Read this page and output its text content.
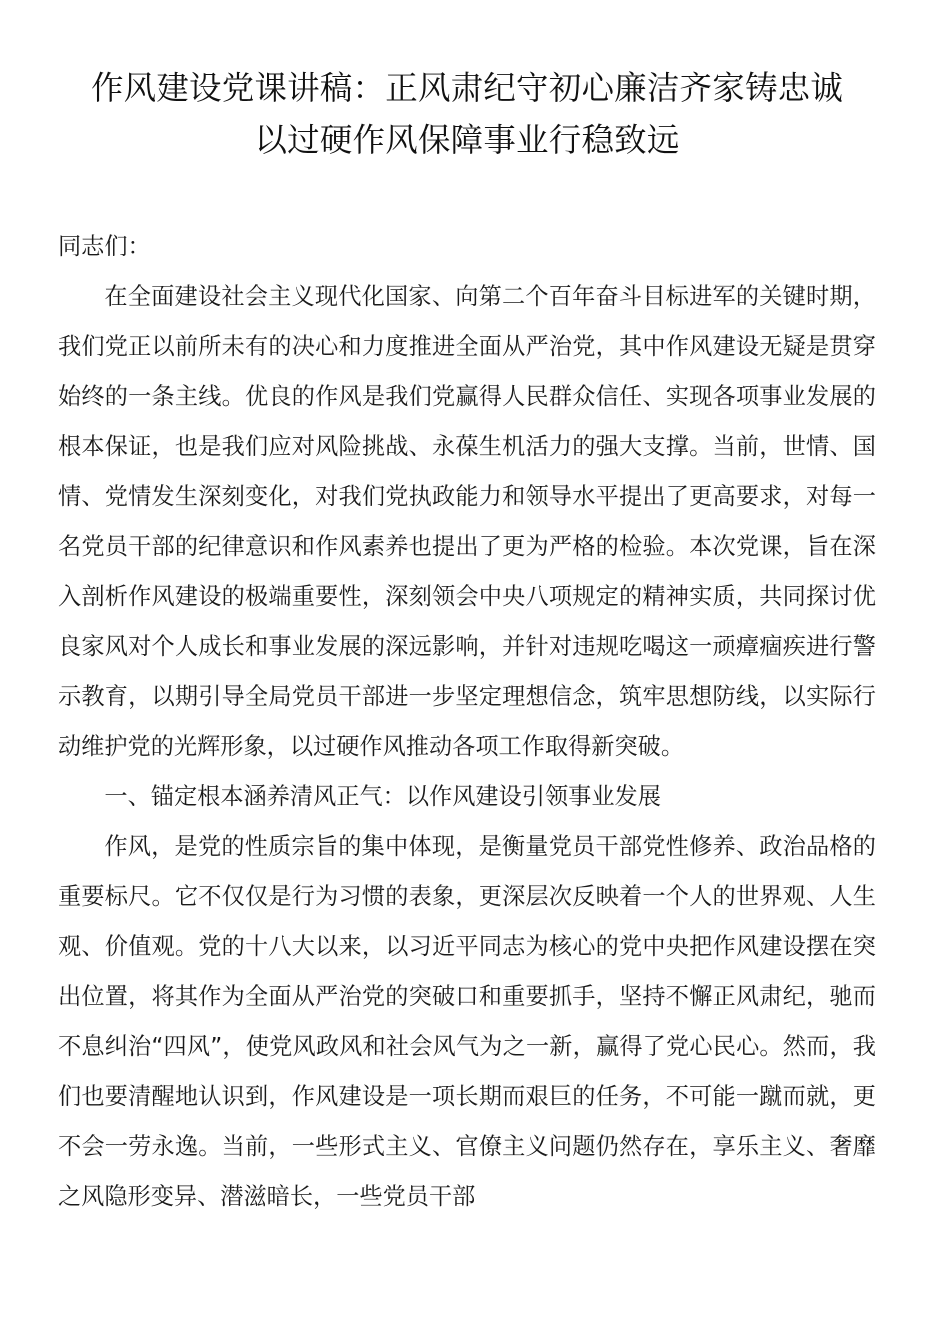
作风建设党课讲稿：正风肃纪守初心廉洁齐家铸忠诚
以过硬作风保障事业行稳致远

同志们：

在全面建设社会主义现代化国家、向第二个百年奋斗目标进军的关键时期，我们党正以前所未有的决心和力度推进全面从严治党，其中作风建设无疑是贯穿始终的一条主线。优良的作风是我们党赢得人民群众信任、实现各项事业发展的根本保证，也是我们应对风险挑战、永葆生机活力的强大支撑。当前，世情、国情、党情发生深刻变化，对我们党执政能力和领导水平提出了更高要求，对每一名党员干部的纪律意识和作风素养也提出了更为严格的检验。本次党课，旨在深入剖析作风建设的极端重要性，深刻领会中央八项规定的精神实质，共同探讨优良家风对个人成长和事业发展的深远影响，并针对违规吃喝这一顽瘴痼疾进行警示教育，以期引导全局党员干部进一步坚定理想信念，筑牢思想防线，以实际行动维护党的光辉形象，以过硬作风推动各项工作取得新突破。

一、锚定根本涵养清风正气：以作风建设引领事业发展

作风，是党的性质宗旨的集中体现，是衡量党员干部党性修养、政治品格的重要标尺。它不仅仅是行为习惯的表象，更深层次反映着一个人的世界观、人生观、价值观。党的十八大以来，以习近平同志为核心的党中央把作风建设摆在突出位置，将其作为全面从严治党的突破口和重要抓手，坚持不懈正风肃纪，驰而不息纠治“四风”，使党风政风和社会风气为之一新，赢得了党心民心。然而，我们也要清醒地认识到，作风建设是一项长期而艰巨的任务，不可能一蹴而就，更不会一劳永逸。当前，一些形式主义、官僚主义问题仍然存在，享乐主义、奢靡之风隐形变异、潜滋暗长，一些党员干部
